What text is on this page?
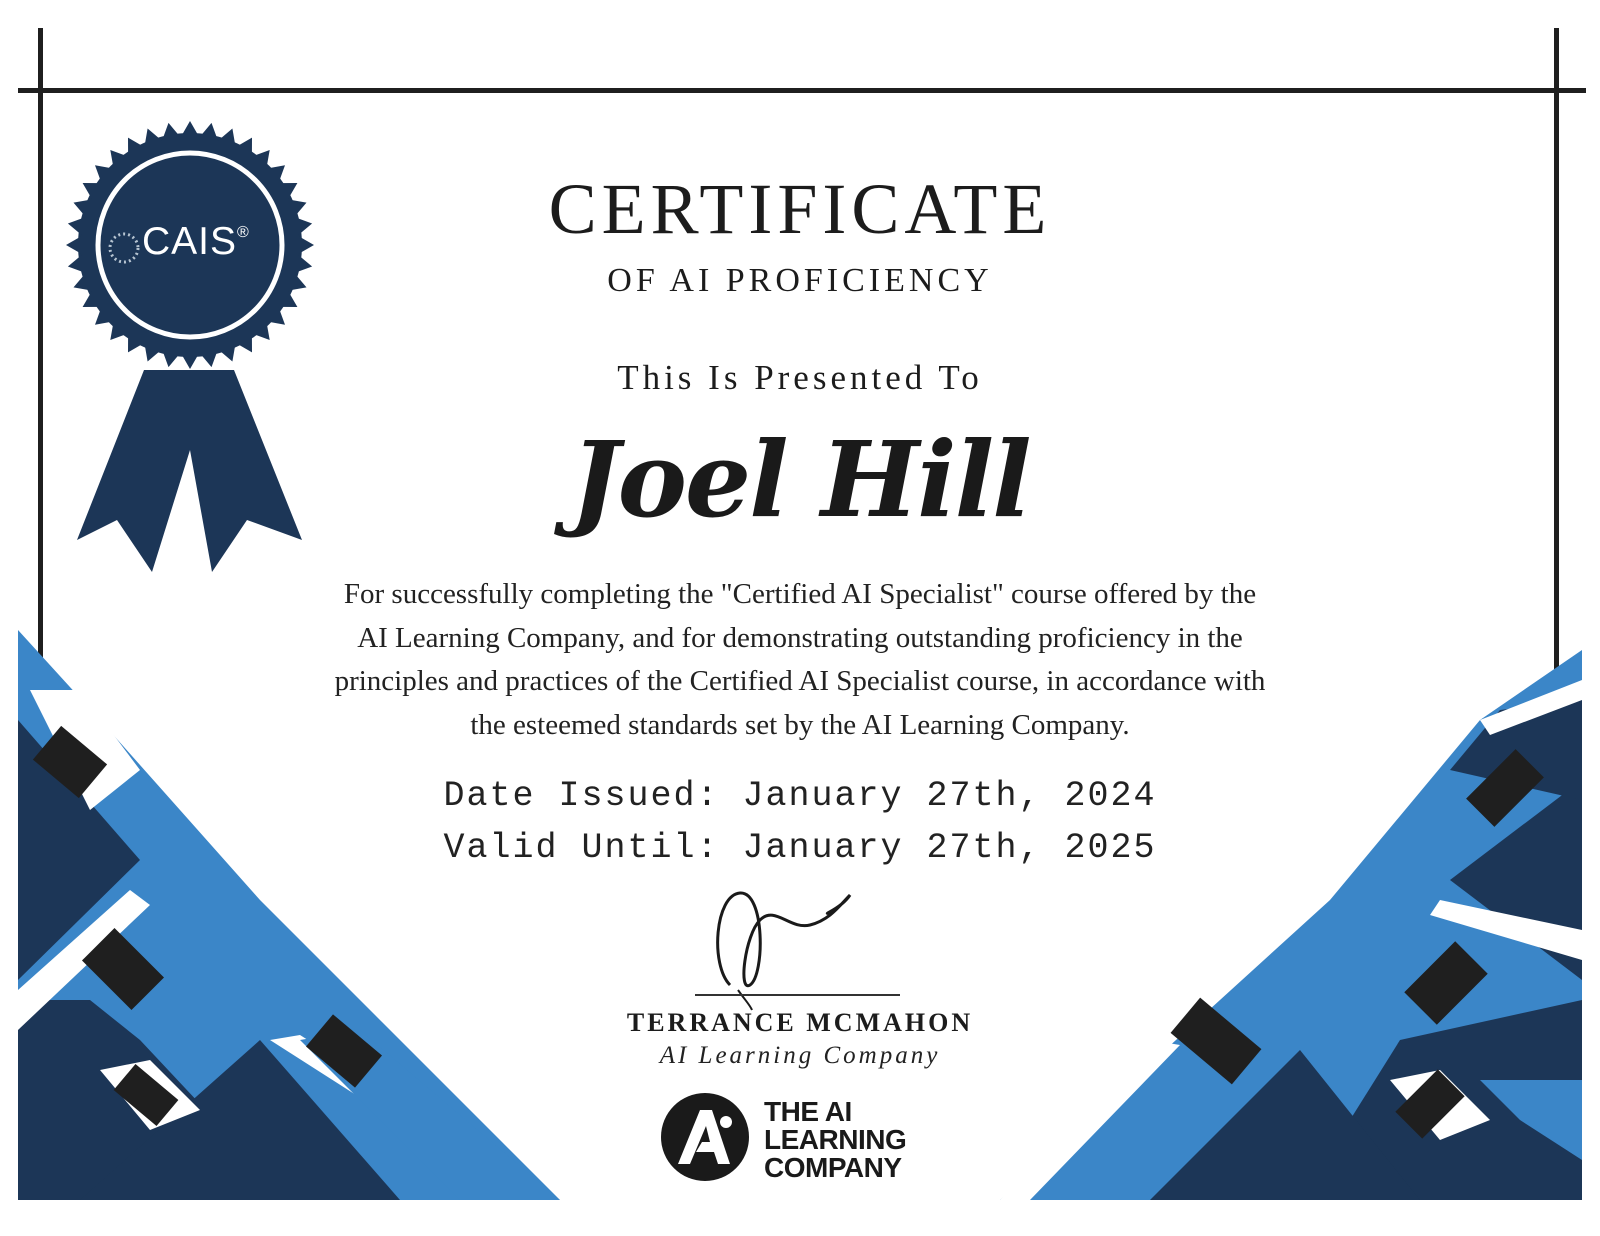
CAIS®	CERTIFICATE
OF AI PROFICIENCY
This Is Presented To
Joel Hill
For successfully completing the "Certified AI Specialist" course offered by the
AI Learning Company, and for demonstrating outstanding proficiency in the
principles and practices of the Certified AI Specialist course, in accordance with
the esteemed standards set by the AI Learning Company.
Date Issued: January 27th, 2024
Valid Until: January 27th, 2025
TERRANCE MCMAHON
AI Learning Company
THE AI
LEARNING
COMPANY
